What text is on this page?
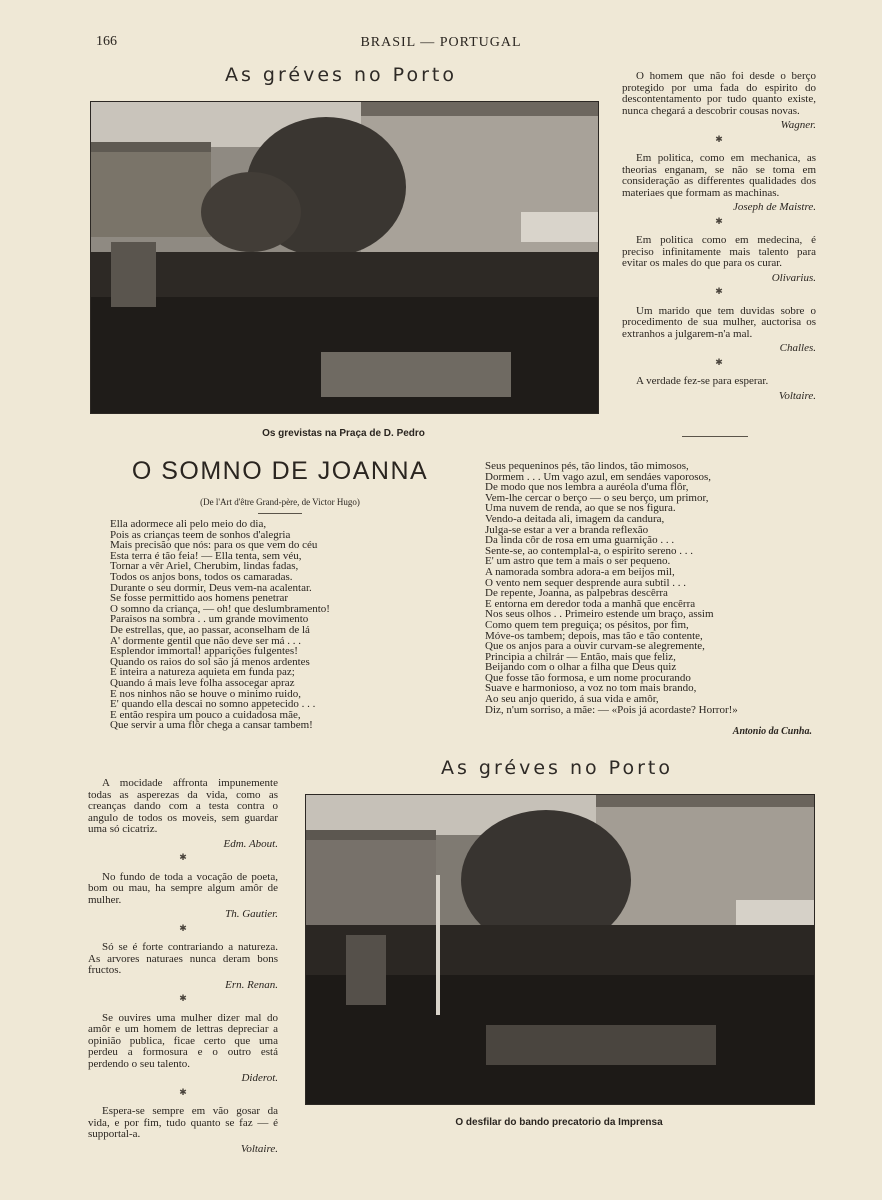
166	BRASIL — PORTUGAL
As gréves no Porto
Os grevistas na Praça de D. Pedro

O homem que não foi desde o berço protegido por uma fada do espirito do descontentamento por tudo quanto existe, nunca chegará a descobrir cousas novas.

Wagner.

✱

Em politica, como em mechanica, as theorias enganam, se não se toma em consideração as differentes qualidades dos materiaes que formam as machinas.

Joseph de Maistre.

✱

Em politica como em medecina, é preciso infinitamente mais talento para evitar os males do que para os curar.

Olivarius.

✱

Um marido que tem duvidas sobre o procedimento de sua mulher, auctorisa os extranhos a julgarem-n'a mal.

Challes.

✱

A verdade fez-se para esperar.

Voltaire.

O SOMNO DE JOANNA
(De l'Art d'être Grand-père, de Victor Hugo)
Ella adormece ali pelo meio do dia,
Pois as crianças teem de sonhos d'alegria
Mais precisão que nós: para os que vem do céu
Esta terra é tão feia! — Ella tenta, sem véu,
Tornar a vêr Ariel, Cherubim, lindas fadas,
Todos os anjos bons, todos os camaradas.
Durante o seu dormir, Deus vem-na acalentar.
Se fosse permittido aos homens penetrar
O somno da criança, — oh! que deslumbramento!
Paraisos na sombra . . um grande movimento
De estrellas, que, ao passar, aconselham de lá
A' dormente gentil que não deve ser má . . .
Esplendor immortal! apparições fulgentes!
Quando os raios do sol são já menos ardentes
E inteira a natureza aquieta em funda paz;
Quando á mais leve folha assocegar apraz
E nos ninhos não se houve o minimo ruido,
E' quando ella descai no somno appetecido . . .
E então respira um pouco a cuidadosa mãe,
Que servir a uma flôr chega a cansar tambem!
Seus pequeninos pés, tão lindos, tão mimosos,
Dormem . . . Um vago azul, em sendáes vaporosos,
De modo que nos lembra a auréola d'uma flôr,
Vem-lhe cercar o berço — o seu berço, um primor,
Uma nuvem de renda, ao que se nos figura.
Vendo-a deitada ali, imagem da candura,
Julga-se estar a ver a branda reflexão
Da linda côr de rosa em uma guarnição . . .
Sente-se, ao contemplal-a, o espirito sereno . . .
E' um astro que tem a mais o ser pequeno.
A namorada sombra adora-a em beijos mil,
O vento nem sequer desprende aura subtil . . .
De repente, Joanna, as palpebras descêrra
E entorna em deredor toda a manhã que encêrra
Nos seus olhos . . Primeiro estende um braço, assim
Como quem tem preguiça; os pésitos, por fim,
Móve-os tambem; depois, mas tão e tão contente,
Que os anjos para a ouvir curvam-se alegremente,
Principia a chilrár — Então, mais que feliz,
Beijando com o olhar a filha que Deus quiz
Que fosse tão formosa, e um nome procurando
Suave e harmonioso, a voz no tom mais brando,
Ao seu anjo querido, á sua vida e amôr,
Diz, n'um sorriso, a mãe: — «Pois já acordaste? Horror!»
Antonio da Cunha.

A mocidade affronta impunemente todas as asperezas da vida, como as creanças dando com a testa contra o angulo de todos os moveis, sem guardar uma só cicatriz.

Edm. About.

✱

No fundo de toda a vocação de poeta, bom ou mau, ha sempre algum amôr de mulher.

Th. Gautier.

✱

Só se é forte contrariando a natureza. As arvores naturaes nunca deram bons fructos.

Ern. Renan.

✱

Se ouvires uma mulher dizer mal do amôr e um homem de lettras depreciar a opinião publica, ficae certo que uma perdeu a formosura e o outro está perdendo o seu talento.

Diderot.

✱

Espera-se sempre em vão gosar da vida, e por fim, tudo quanto se faz — é supportal-a.

Voltaire.

As gréves no Porto
O desfilar do bando precatorio da Imprensa
